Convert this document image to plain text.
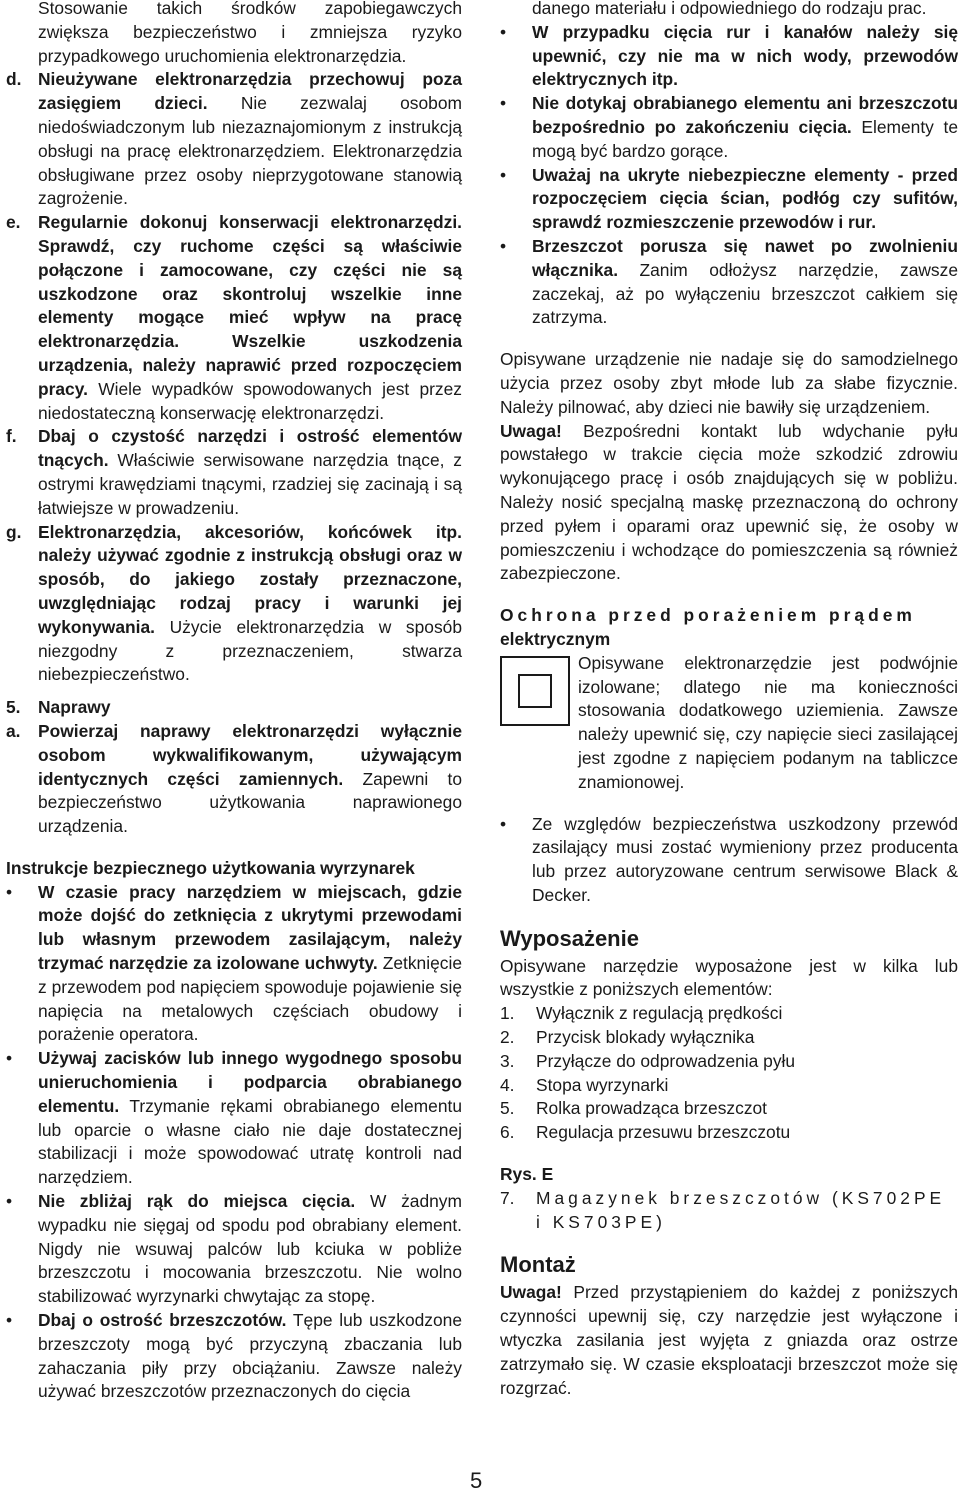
Stosowanie takich środków zapobiegawczych zwiększa bezpieczeństwo i zmniejsza ryzyko przypadkowego uruchomienia elektronarzędzia.

d. Nieużywane elektronarzędzia przechowuj poza zasięgiem dzieci. Nie zezwalaj osobom niedoświadczonym lub niezaznajomionym z instrukcją obsługi na pracę elektronarzędziem. Elektronarzędzia obsługiwane przez osoby nieprzygotowane stanowią zagrożenie.
e. Regularnie dokonuj konserwacji elektronarzędzi. Sprawdź, czy ruchome części są właściwie połączone i zamocowane, czy części nie są uszkodzone oraz skontroluj wszelkie inne elementy mogące mieć wpływ na pracę elektronarzędzia. Wszelkie uszkodzenia urządzenia, należy naprawić przed rozpoczęciem pracy. Wiele wypadków spowodowanych jest przez niedostateczną konserwację elektronarzędzi.
f. Dbaj o czystość narzędzi i ostrość elementów tnących. Właściwie serwisowane narzędzia tnące, z ostrymi krawędziami tnącymi, rzadziej się zacinają i są łatwiejsze w prowadzeniu.
g. Elektronarzędzia, akcesoriów, końcówek itp. należy używać zgodnie z instrukcją obsługi oraz w sposób, do jakiego zostały przeznaczone, uwzględniając rodzaj pracy i warunki jej wykonywania. Użycie elektronarzędzia w sposób niezgodny z przeznaczeniem, stwarza niebezpieczeństwo.
5. Naprawy
a. Powierzaj naprawy elektronarzędzi wyłącznie osobom wykwalifikowanym, używającym identycznych części zamiennych. Zapewni to bezpieczeństwo użytkowania naprawionego urządzenia.

Instrukcje bezpiecznego użytkowania wyrzynarek

• W czasie pracy narzędziem w miejscach, gdzie może dojść do zetknięcia z ukrytymi przewodami lub własnym przewodem zasilającym, należy trzymać narzędzie za izolowane uchwyty. Zetknięcie z przewodem pod napięciem spowoduje pojawienie się napięcia na metalowych częściach obudowy i porażenie operatora.
• Używaj zacisków lub innego wygodnego sposobu unieruchomienia i podparcia obrabianego elementu. Trzymanie rękami obrabianego elementu lub oparcie o własne ciało nie daje dostatecznej stabilizacji i może spowodować utratę kontroli nad narzędziem.
• Nie zbliżaj rąk do miejsca cięcia. W żadnym wypadku nie sięgaj od spodu pod obrabiany element. Nigdy nie wsuwaj palców lub kciuka w pobliże brzeszczotu i mocowania brzeszczotu. Nie wolno stabilizować wyrzynarki chwytając za stopę.
• Dbaj o ostrość brzeszczotów. Tępe lub uszkodzone brzeszczoty mogą być przyczyną zbaczania lub zahaczania piły przy obciążaniu. Zawsze należy używać brzeszczotów przeznaczonych do cięcia

danego materiału i odpowiedniego do rodzaju prac.

• W przypadku cięcia rur i kanałów należy się upewnić, czy nie ma w nich wody, przewodów elektrycznych itp.
• Nie dotykaj obrabianego elementu ani brzeszczotu bezpośrednio po zakończeniu cięcia. Elementy te mogą być bardzo gorące.
• Uważaj na ukryte niebezpieczne elementy - przed rozpoczęciem cięcia ścian, podłóg czy sufitów, sprawdź rozmieszczenie przewodów i rur.
• Brzeszczot porusza się nawet po zwolnieniu włącznika. Zanim odłożysz narzędzie, zawsze zaczekaj, aż po wyłączeniu brzeszczot całkiem się zatrzyma.

Opisywane urządzenie nie nadaje się do samodzielnego użycia przez osoby zbyt młode lub za słabe fizycznie. Należy pilnować, aby dzieci nie bawiły się urządzeniem.

Uwaga! Bezpośredni kontakt lub wdychanie pyłu powstałego w trakcie cięcia może szkodzić zdrowiu wykonującego pracę i osób znajdujących się w pobliżu. Należy nosić specjalną maskę przeznaczoną do ochrony przed pyłem i oparami oraz upewnić się, że osoby w pomieszczeniu i wchodzące do pomieszczenia są również zabezpieczone.

Ochrona przed porażeniem prądem

elektrycznym

Opisywane elektronarzędzie jest podwójnie izolowane; dlatego nie ma konieczności stosowania dodatkowego uziemienia. Zawsze należy upewnić się, czy napięcie sieci zasilającej jest zgodne z napięciem podanym na tabliczce znamionowej.
• Ze względów bezpieczeństwa uszkodzony przewód zasilający musi zostać wymieniony przez producenta lub przez autoryzowane centrum serwisowe Black & Decker.

Wyposażenie

Opisywane narzędzie wyposażone jest w kilka lub wszystkie z poniższych elementów:

1. Wyłącznik z regulacją prędkości
2. Przycisk blokady wyłącznika
3. Przyłącze do odprowadzenia pyłu
4. Stopa wyrzynarki
5. Rolka prowadząca brzeszczot
6. Regulacja przesuwu brzeszczotu

Rys. E

7. Magazynek brzeszczotów (KS702PE i KS703PE)

Montaż

Uwaga! Przed przystąpieniem do każdej z poniższych czynności upewnij się, czy narzędzie jest wyłączone i wtyczka zasilania jest wyjęta z gniazda oraz ostrze zatrzymało się. W czasie eksploatacji brzeszczot może się rozgrzać.

5
